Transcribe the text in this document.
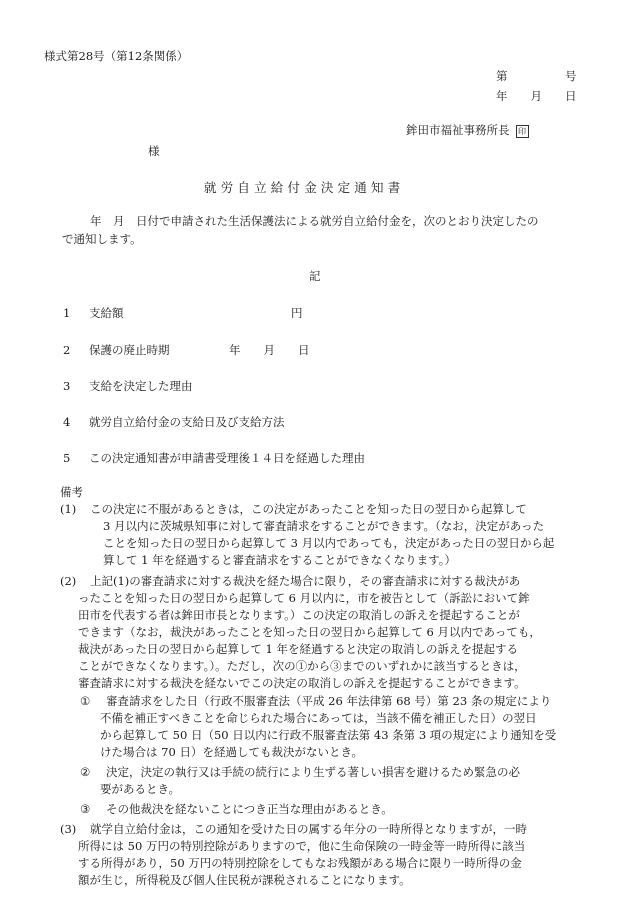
様式第28号（第12条関係）
第　　　　　号
年　　月　　日
鉾田市福祉事務所長 印
様
就労自立給付金決定通知書
年　月　日付で申請された生活保護法による就労自立給付金を，次のとおり決定したの
で通知します。
記
1 支給額	円
2 保護の廃止時期	年　　月　　日
3 支給を決定した理由
4 就労自立給付金の支給日及び支給方法
5 この決定通知書が申請書受理後１４日を経過した理由
備考
(1) この決定に不服があるときは，この決定があったことを知った日の翌日から起算して
3 月以内に茨城県知事に対して審査請求をすることができます。（なお，決定があった
ことを知った日の翌日から起算して 3 月以内であっても，決定があった日の翌日から起
算して 1 年を経過すると審査請求をすることができなくなります。）
(2) 上記(1)の審査請求に対する裁決を経た場合に限り，その審査請求に対する裁決があ
ったことを知った日の翌日から起算して 6 月以内に，市を被告として（訴訟において鉾
田市を代表する者は鉾田市長となります。）この決定の取消しの訴えを提起することが
できます（なお，裁決があったことを知った日の翌日から起算して 6 月以内であっても，
裁決があった日の翌日から起算して 1 年を経過すると決定の取消しの訴えを提起する
ことができなくなります。）。ただし，次の①から③までのいずれかに該当するときは，
審査請求に対する裁決を経ないでこの決定の取消しの訴えを提起することができます。
① 審査請求をした日（行政不服審査法（平成 26 年法律第 68 号）第 23 条の規定により
不備を補正すべきことを命じられた場合にあっては，当該不備を補正した日）の翌日
から起算して 50 日（50 日以内に行政不服審査法第 43 条第 3 項の規定により通知を受
けた場合は 70 日）を経過しても裁決がないとき。
② 決定，決定の執行又は手続の続行により生ずる著しい損害を避けるため緊急の必
要があるとき。
③ その他裁決を経ないことにつき正当な理由があるとき。
(3) 就学自立給付金は，この通知を受けた日の属する年分の一時所得となりますが，一時
所得には 50 万円の特別控除がありますので，他に生命保険の一時金等一時所得に該当
する所得があり，50 万円の特別控除をしてもなお残額がある場合に限り一時所得の金
額が生じ，所得税及び個人住民税が課税されることになります。
